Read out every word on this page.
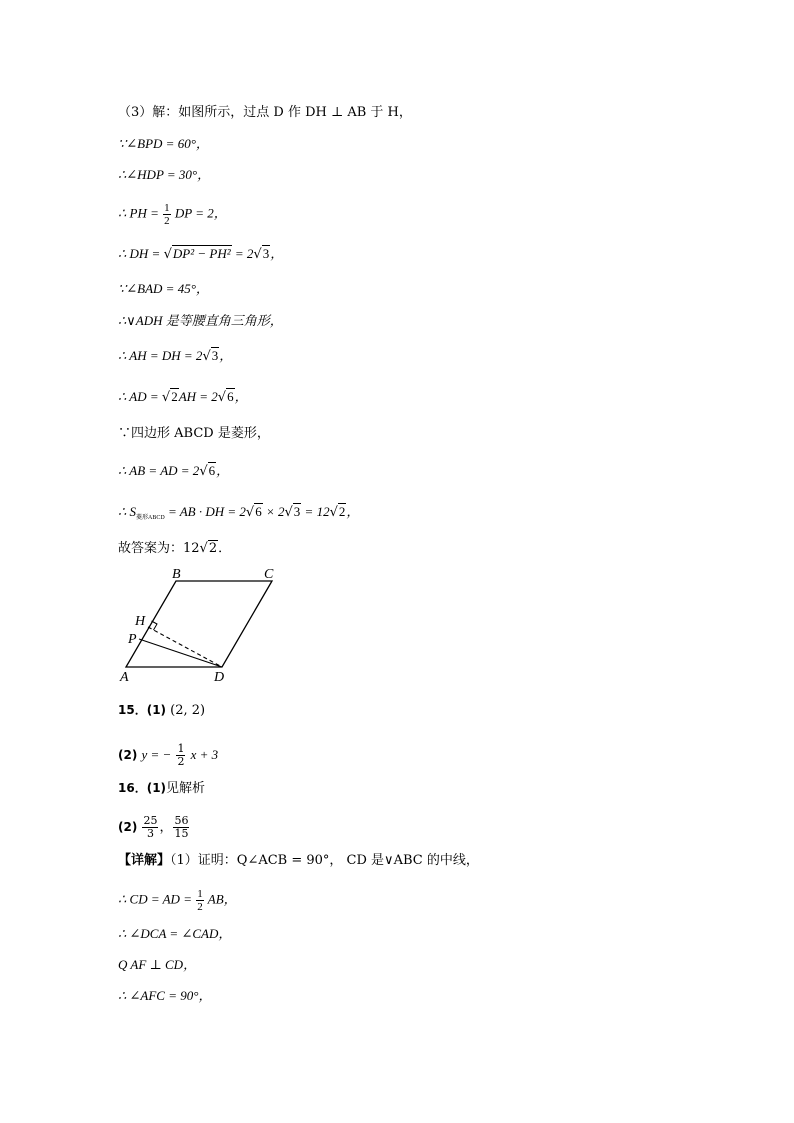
（3）解：如图所示，过点 D 作 DH ⊥ AB 于 H，
∵∠BPD = 60°，
∴∠HDP = 30°，
∴ PH = $\frac{1}{2}$ DP = 2，
∴ DH = √DP² − PH² = 2√3，
∵∠BAD = 45°，
∴∨ADH 是等腰直角三角形，
∴ AH = DH = 2√3，
∴ AD = √2AH = 2√6，
∵四边形 ABCD 是菱形，
∴ AB = AD = 2√6，
∴ $S_{菱形ABCD}$ = AB · DH = 2√6 × 2√3 = 12√2，
故答案为：12√2．
B	C
H
P
A	D
15．(1) (2, 2)
(2) y = − $\frac{1}{2}$ x + 3
16．(1)见解析
$(2) \frac{25}{3}$ ， $\frac{56}{15}$
【详解】（1）证明：Q∠ACB = 90°， CD 是∨ABC 的中线，
∴ CD = AD = $\frac{1}{2}$ AB，
∴ ∠DCA = ∠CAD，
Q AF ⊥ CD，
∴ ∠AFC = 90°，
